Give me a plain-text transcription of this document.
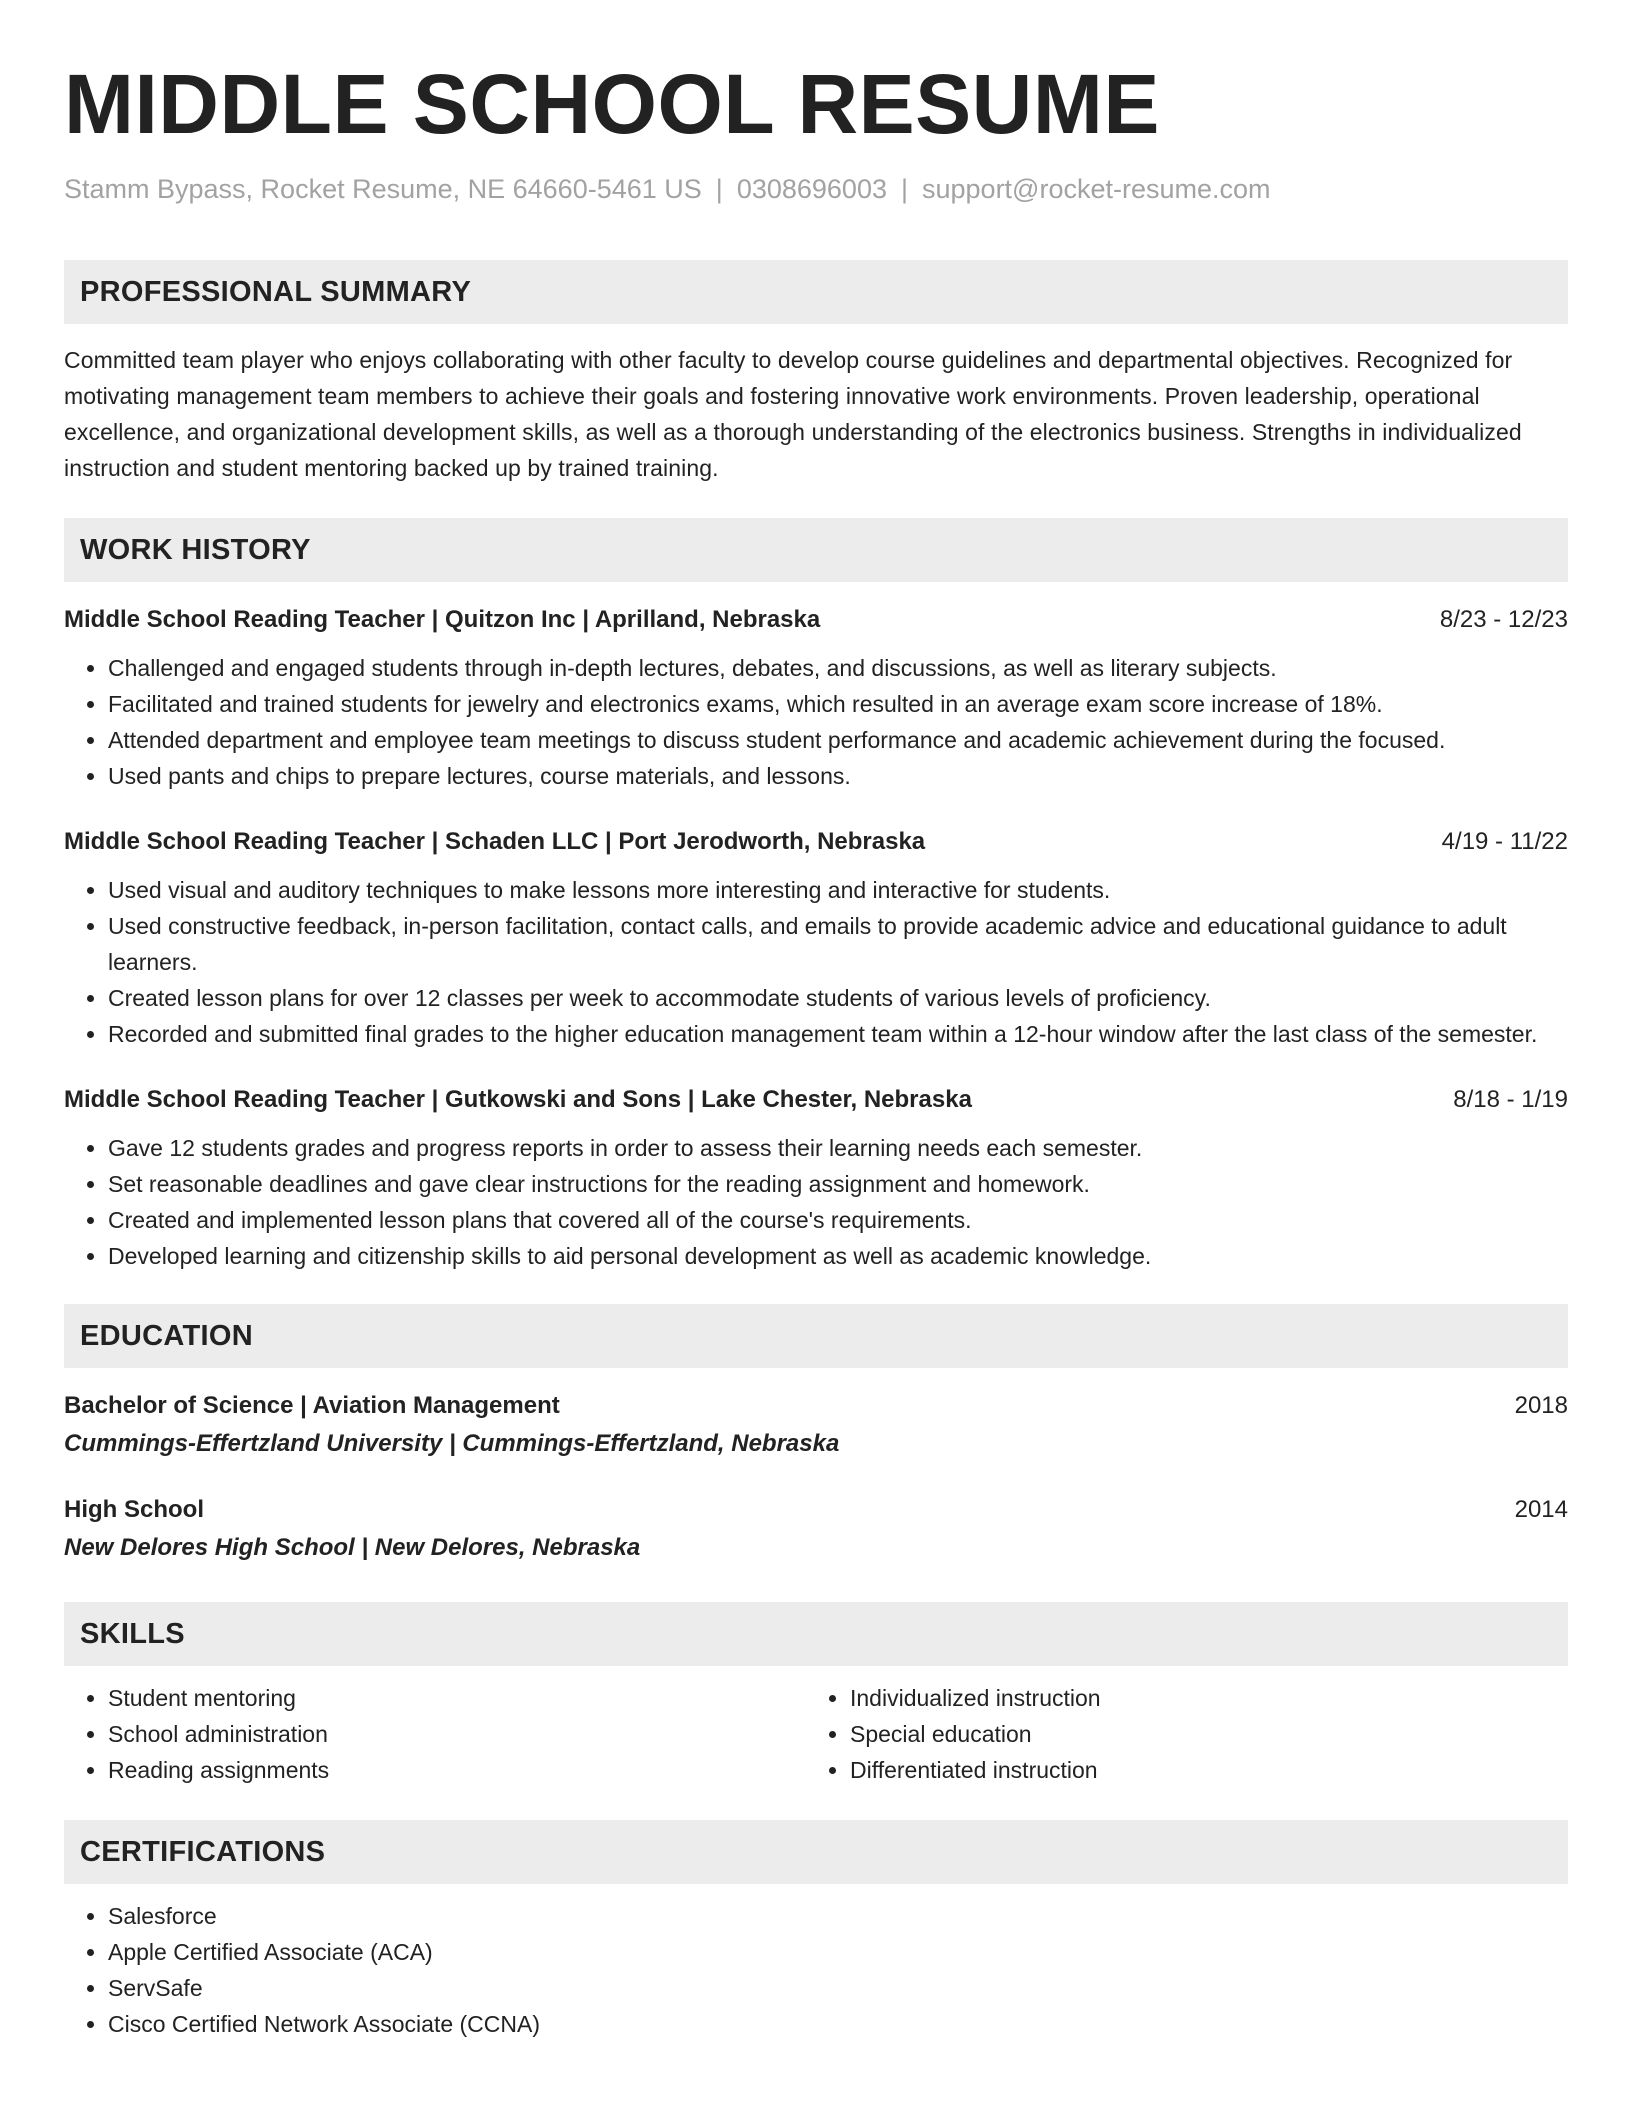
MIDDLE SCHOOL RESUME
Stamm Bypass, Rocket Resume, NE 64660-5461 US | 0308696003 | support@rocket-resume.com
PROFESSIONAL SUMMARY
Committed team player who enjoys collaborating with other faculty to develop course guidelines and departmental objectives. Recognized for motivating management team members to achieve their goals and fostering innovative work environments. Proven leadership, operational excellence, and organizational development skills, as well as a thorough understanding of the electronics business. Strengths in individualized instruction and student mentoring backed up by trained training.
WORK HISTORY
Middle School Reading Teacher | Quitzon Inc | Aprilland, Nebraska	8/23 - 12/23
• Challenged and engaged students through in-depth lectures, debates, and discussions, as well as literary subjects.
• Facilitated and trained students for jewelry and electronics exams, which resulted in an average exam score increase of 18%.
• Attended department and employee team meetings to discuss student performance and academic achievement during the focused.
• Used pants and chips to prepare lectures, course materials, and lessons.
Middle School Reading Teacher | Schaden LLC | Port Jerodworth, Nebraska	4/19 - 11/22
• Used visual and auditory techniques to make lessons more interesting and interactive for students.
• Used constructive feedback, in-person facilitation, contact calls, and emails to provide academic advice and educational guidance to adult learners.
• Created lesson plans for over 12 classes per week to accommodate students of various levels of proficiency.
• Recorded and submitted final grades to the higher education management team within a 12-hour window after the last class of the semester.
Middle School Reading Teacher | Gutkowski and Sons | Lake Chester, Nebraska	8/18 - 1/19
• Gave 12 students grades and progress reports in order to assess their learning needs each semester.
• Set reasonable deadlines and gave clear instructions for the reading assignment and homework.
• Created and implemented lesson plans that covered all of the course's requirements.
• Developed learning and citizenship skills to aid personal development as well as academic knowledge.
EDUCATION
Bachelor of Science | Aviation Management	2018
Cummings-Effertzland University | Cummings-Effertzland, Nebraska
High School	2014
New Delores High School | New Delores, Nebraska
SKILLS
• Student mentoring
• School administration
• Reading assignments
• Individualized instruction
• Special education
• Differentiated instruction
CERTIFICATIONS
• Salesforce
• Apple Certified Associate (ACA)
• ServSafe
• Cisco Certified Network Associate (CCNA)
